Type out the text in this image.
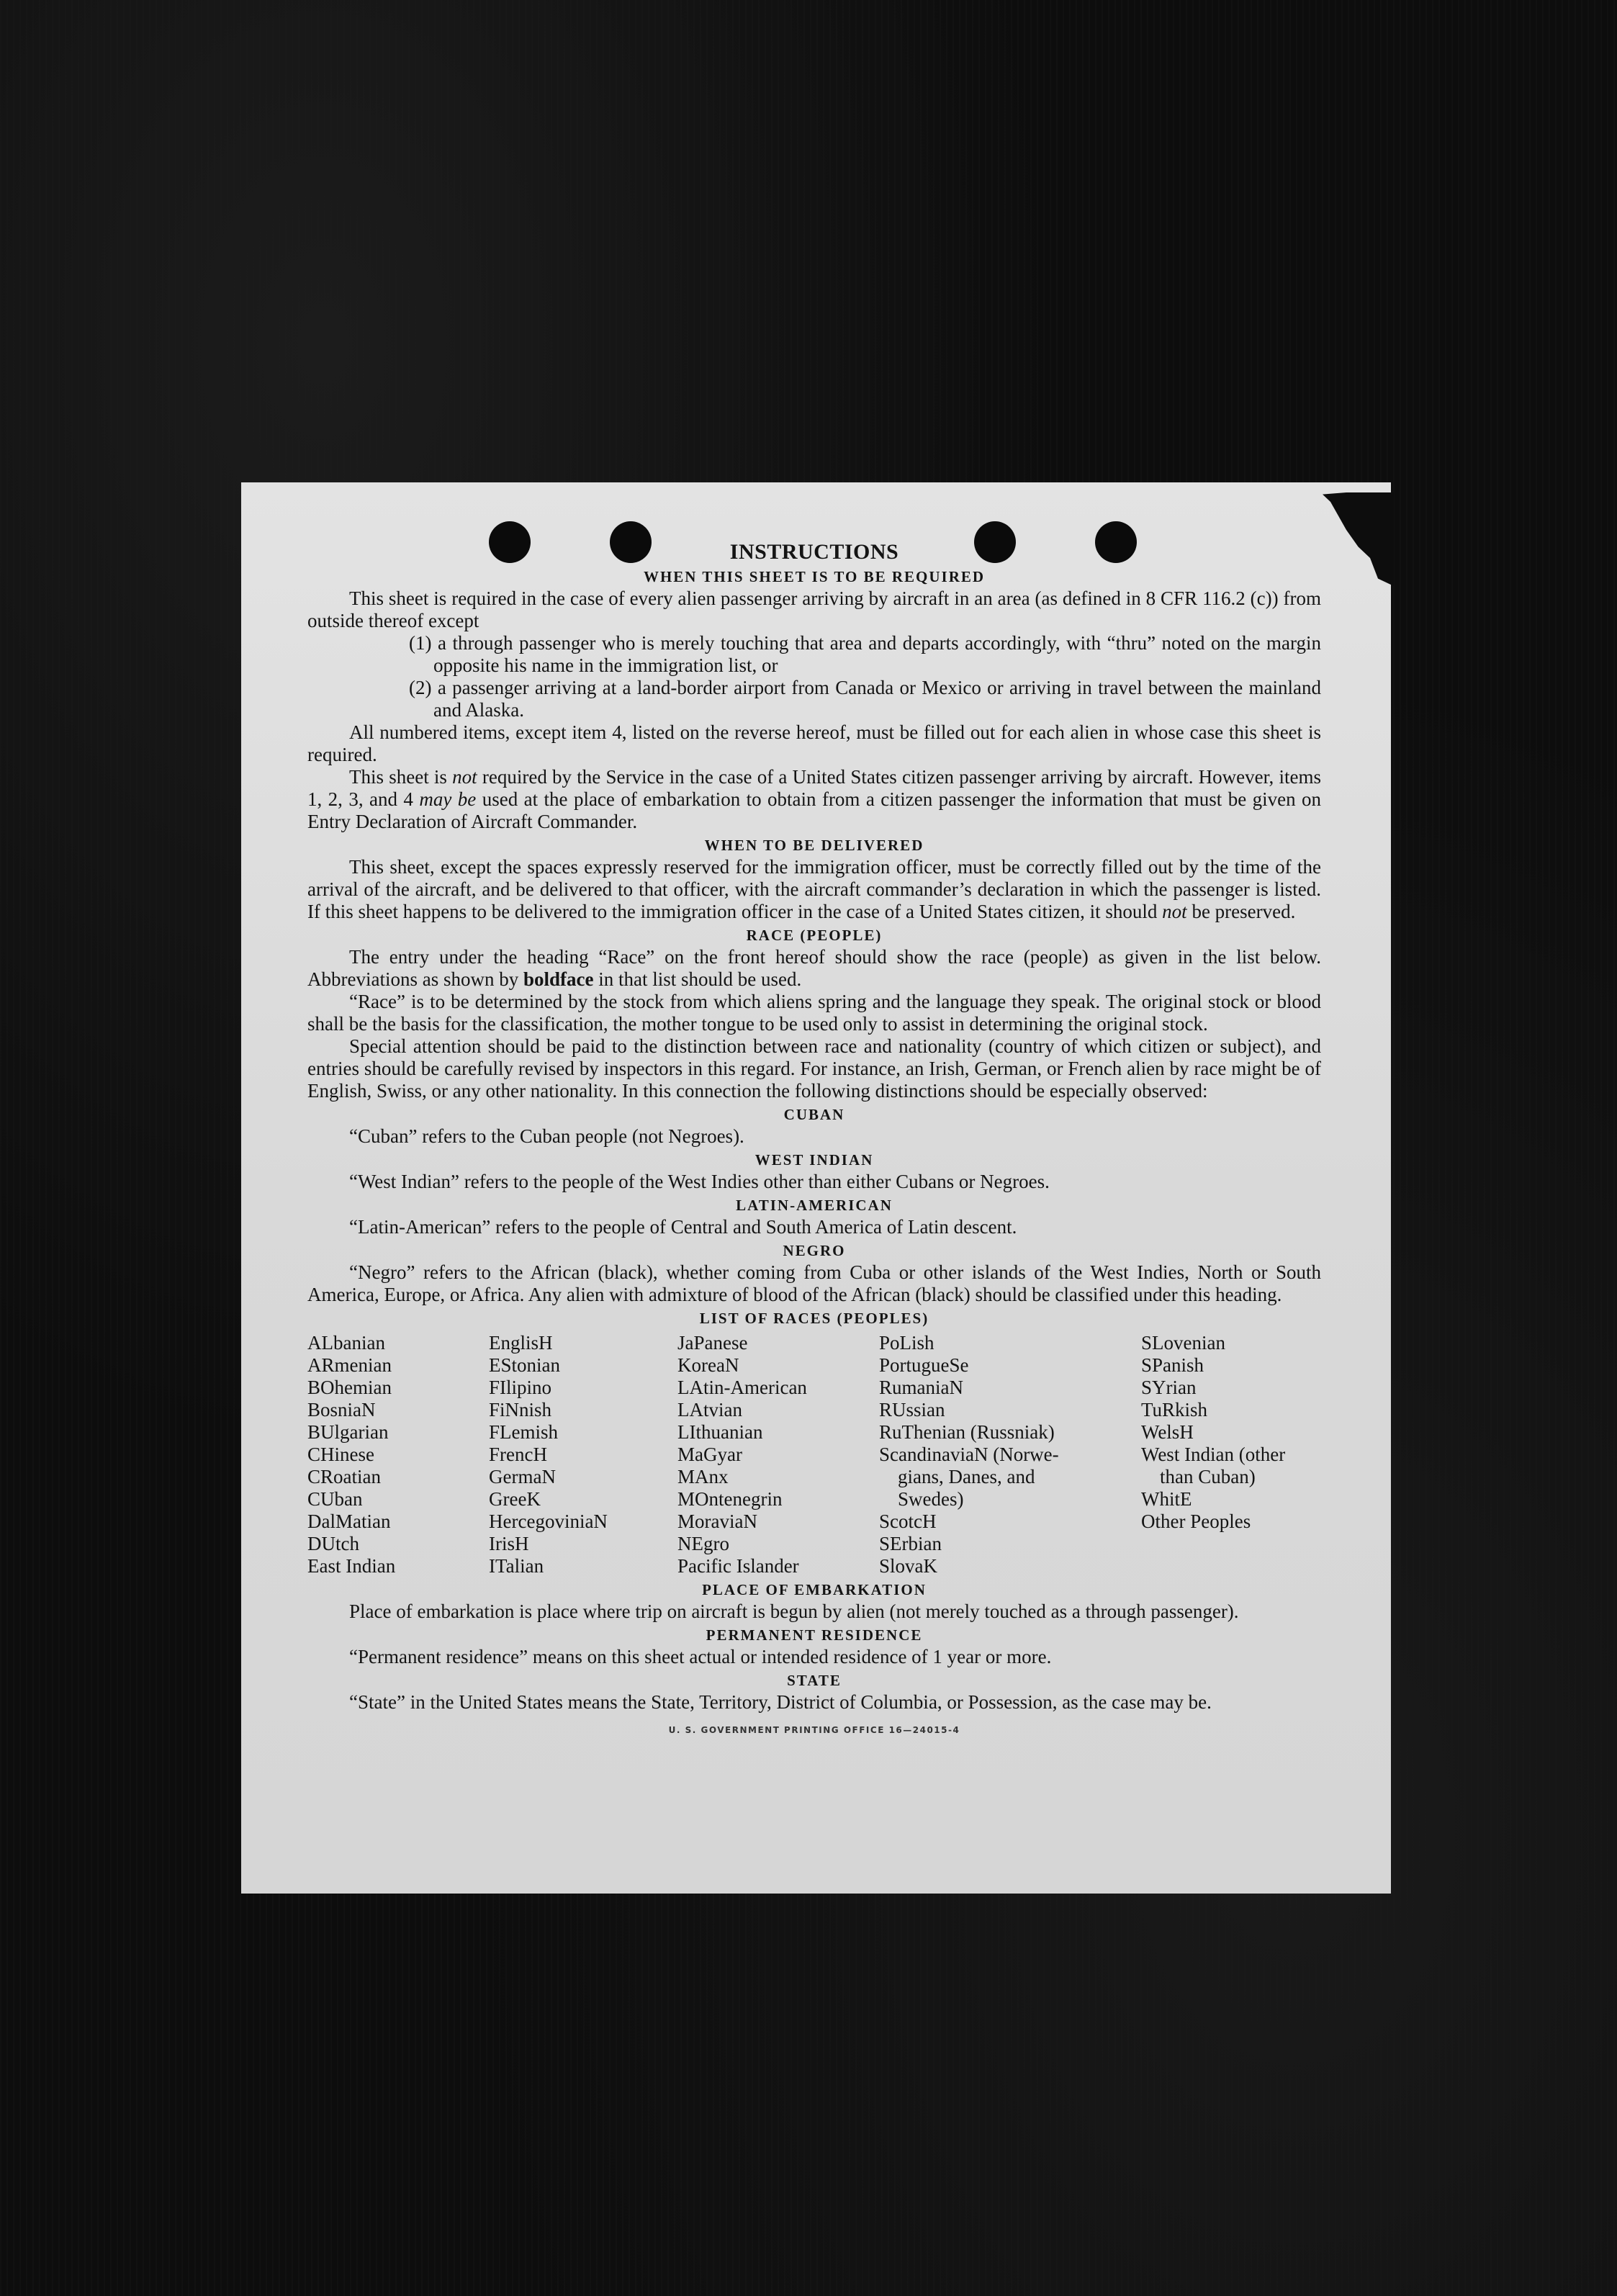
INSTRUCTIONS
WHEN THIS SHEET IS TO BE REQUIRED

This sheet is required in the case of every alien passenger arriving by aircraft in an area (as defined in 8 CFR 116.2 (c)) from outside thereof except

(1) a through passenger who is merely touching that area and departs accordingly, with “thru” noted on the margin opposite his name in the immigration list, or

(2) a passenger arriving at a land-border airport from Canada or Mexico or arriving in travel between the mainland and Alaska.

All numbered items, except item 4, listed on the reverse hereof, must be filled out for each alien in whose case this sheet is required.

This sheet is not required by the Service in the case of a United States citizen passenger arriving by aircraft. However, items 1, 2, 3, and 4 may be used at the place of embarkation to obtain from a citizen passenger the information that must be given on Entry Declaration of Aircraft Commander.

WHEN TO BE DELIVERED

This sheet, except the spaces expressly reserved for the immigration officer, must be correctly filled out by the time of the arrival of the aircraft, and be delivered to that officer, with the aircraft commander’s declaration in which the passenger is listed. If this sheet happens to be delivered to the immigration officer in the case of a United States citizen, it should not be preserved.

RACE (PEOPLE)

The entry under the heading “Race” on the front hereof should show the race (people) as given in the list below. Abbreviations as shown by boldface in that list should be used.

“Race” is to be determined by the stock from which aliens spring and the language they speak. The original stock or blood shall be the basis for the classification, the mother tongue to be used only to assist in determining the original stock.

Special attention should be paid to the distinction between race and nationality (country of which citizen or subject), and entries should be carefully revised by inspectors in this regard. For instance, an Irish, German, or French alien by race might be of English, Swiss, or any other nationality. In this connection the following distinctions should be especially observed:

CUBAN

“Cuban” refers to the Cuban people (not Negroes).

WEST INDIAN

“West Indian” refers to the people of the West Indies other than either Cubans or Negroes.

LATIN-AMERICAN

“Latin-American” refers to the people of Central and South America of Latin descent.

NEGRO

“Negro” refers to the African (black), whether coming from Cuba or other islands of the West Indies, North or South America, Europe, or Africa. Any alien with admixture of blood of the African (black) should be classified under this heading.

LIST OF RACES (PEOPLES)
ALbanian
ARmenian
BOhemian
BosniaN
BUlgarian
CHinese
CRoatian
CUban
DalMatian
DUtch
East Indian
EnglisH
EStonian
FIlipino
FiNnish
FLemish
FrencH
GermaN
GreeK
HercegoviniaN
IrisH
ITalian
JaPanese
KoreaN
LAtin-American
LAtvian
LIthuanian
MaGyar
MAnx
MOntenegrin
MoraviaN
NEgro
Pacific Islander
PoLish
PortugueSe
RumaniaN
RUssian
RuThenian (Russniak)
ScandinaviaN (Norwe-
gians, Danes, and
Swedes)
ScotcH
SErbian
SlovaK
SLovenian
SPanish
SYrian
TuRkish
WelsH
West Indian (other
than Cuban)
WhitE
Other Peoples
PLACE OF EMBARKATION

Place of embarkation is place where trip on aircraft is begun by alien (not merely touched as a through passenger).

PERMANENT RESIDENCE

“Permanent residence” means on this sheet actual or intended residence of 1 year or more.

STATE

“State” in the United States means the State, Territory, District of Columbia, or Possession, as the case may be.

U. S. GOVERNMENT PRINTING OFFICE 16—24015-4
